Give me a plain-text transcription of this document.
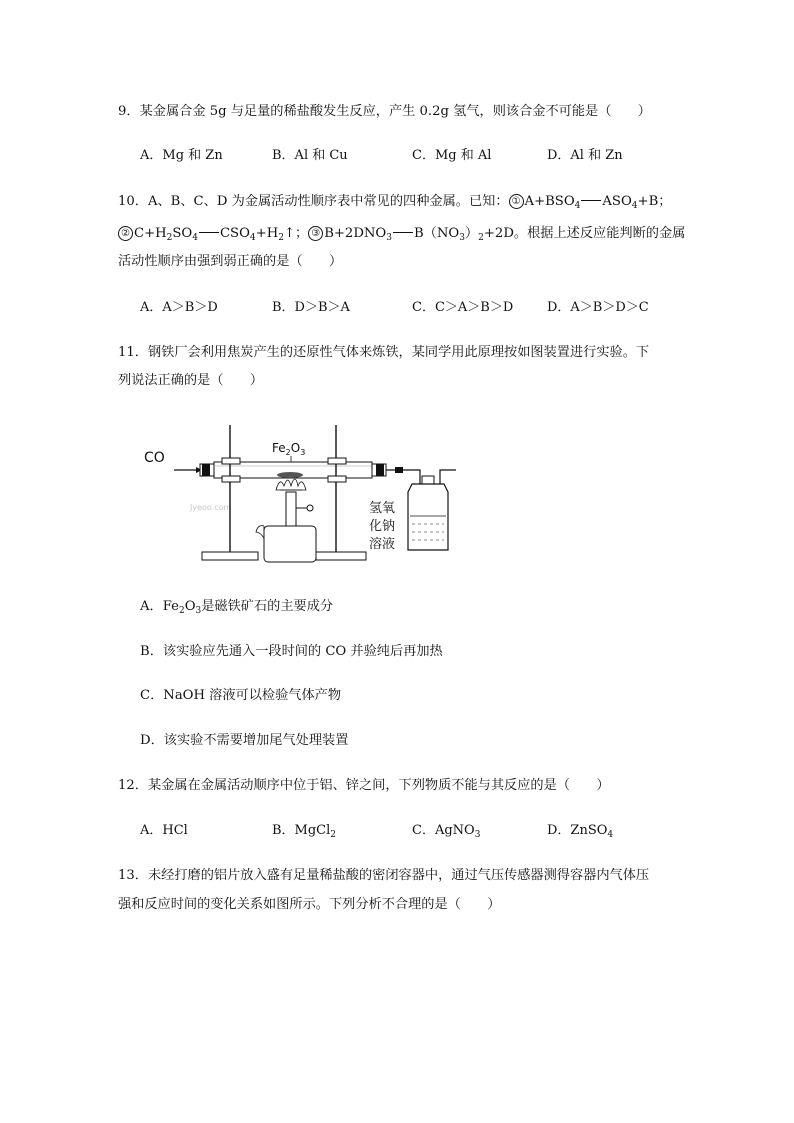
9．某金属合金 5g 与足量的稀盐酸发生反应，产生 0.2g 氢气，则该合金不可能是（　　）
A．Mg 和 Zn	B．Al 和 Cu	C．Mg 和 Al	D．Al 和 Zn
10．A、B、C、D 为金属活动性顺序表中常见的四种金属。已知： ① $A+BSO_4$ $ASO_4+B$；
② $C+H_2SO_4$ $CSO_4+H_2↑$； ③ $B+2DNO_3$ $B(NO_3)_2+2D$。根据上述反应能判断的金属
活动性顺序由强到弱正确的是（　　）
A．A＞B＞D	B．D＞B＞A	C．C＞A＞B＞D	D．A＞B＞D＞C
11．钢铁厂会利用焦炭产生的还原性气体来炼铁，某同学用此原理按如图装置进行实验。下
列说法正确的是（　　）
CO
$Fe_2O_3$
Jyeoo.com	氢氧
化钠
溶液
A．$Fe_2O_3$是磁铁矿石的主要成分
B．该实验应先通入一段时间的 CO 并验纯后再加热
C．NaOH 溶液可以检验气体产物
D．该实验不需要增加尾气处理装置
12．某金属在金属活动顺序中位于铝、锌之间，下列物质不能与其反应的是（　　）
A．HCl	B．MgCl$_2$	C．AgNO$_3$	D．ZnSO$_4$
13．未经打磨的铝片放入盛有足量稀盐酸的密闭容器中，通过气压传感器测得容器内气体压
强和反应时间的变化关系如图所示。下列分析不合理的是（　　）
